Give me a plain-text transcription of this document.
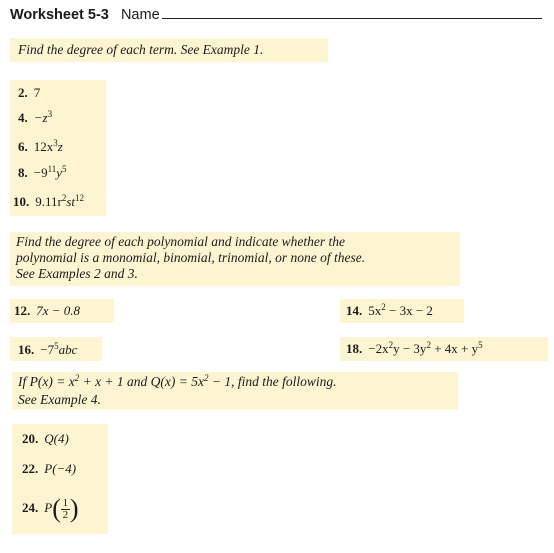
Worksheet 5-3 Name
Find the degree of each term. See Example 1.
2. 7
4. $-z^3$
6. $12x^3z$
8. $-9^{11}y^5$
10. $9.11r^2st^{12}$
Find the degree of each polynomial and indicate whether the
polynomial is a monomial, binomial, trinomial, or none of these.
See Examples 2 and 3.
12. 7x − 0.8	14. $5x^2 - 3x - 2$
16. $-7^5abc$	18. $-2x^2y - 3y^2 + 4x + y^5$
If $P(x) = x^2 + x + 1$ and $Q(x) = 5x^2 - 1$, find the following.
See Example 4.
20. Q(4)
22. P(−4)
24. $P( \frac{1}{2}$ )
